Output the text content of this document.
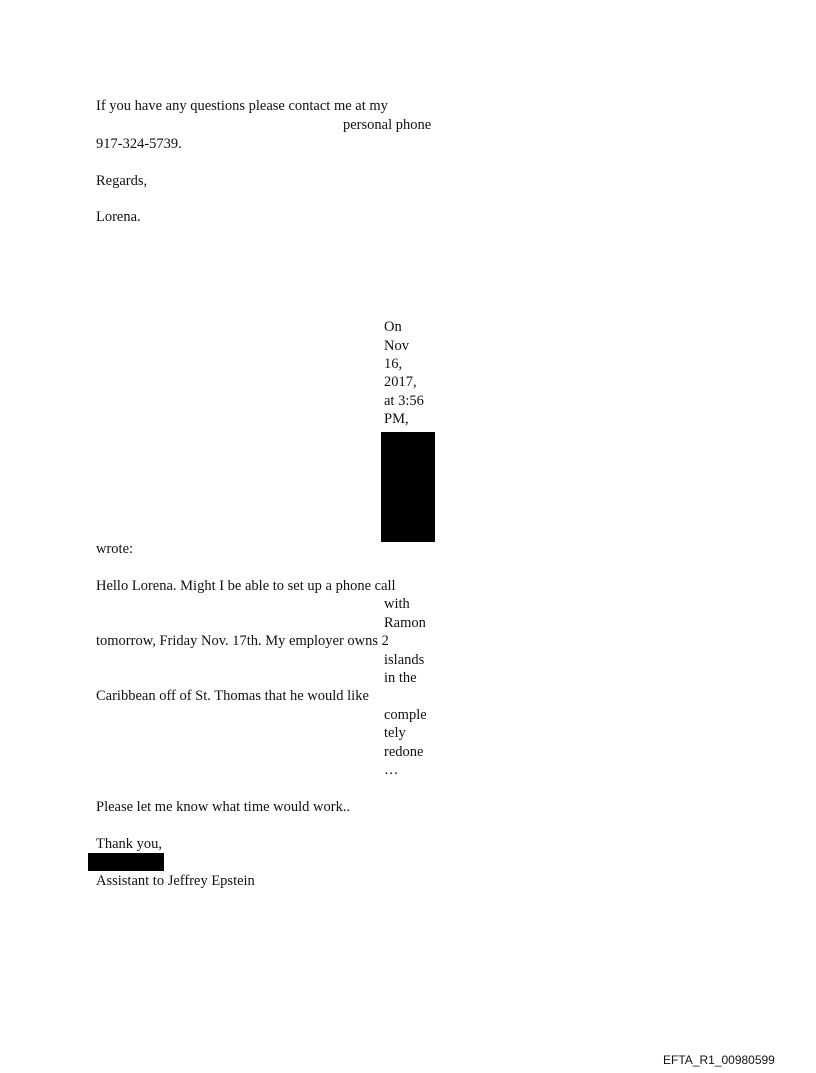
If you have any questions please contact me at my
personal phone
917-324-5739.
Regards,
Lorena.
On
Nov
16,
2017,
at 3:56
PM,
wrote:
Hello Lorena. Might I be able to set up a phone call
with
Ramon
tomorrow, Friday Nov. 17th. My employer owns 2
islands
in the
Caribbean off of St. Thomas that he would like
comple
tely
redone
…
Please let me know what time would work..
Thank you,
Assistant to Jeffrey Epstein
EFTA_R1_00980599
